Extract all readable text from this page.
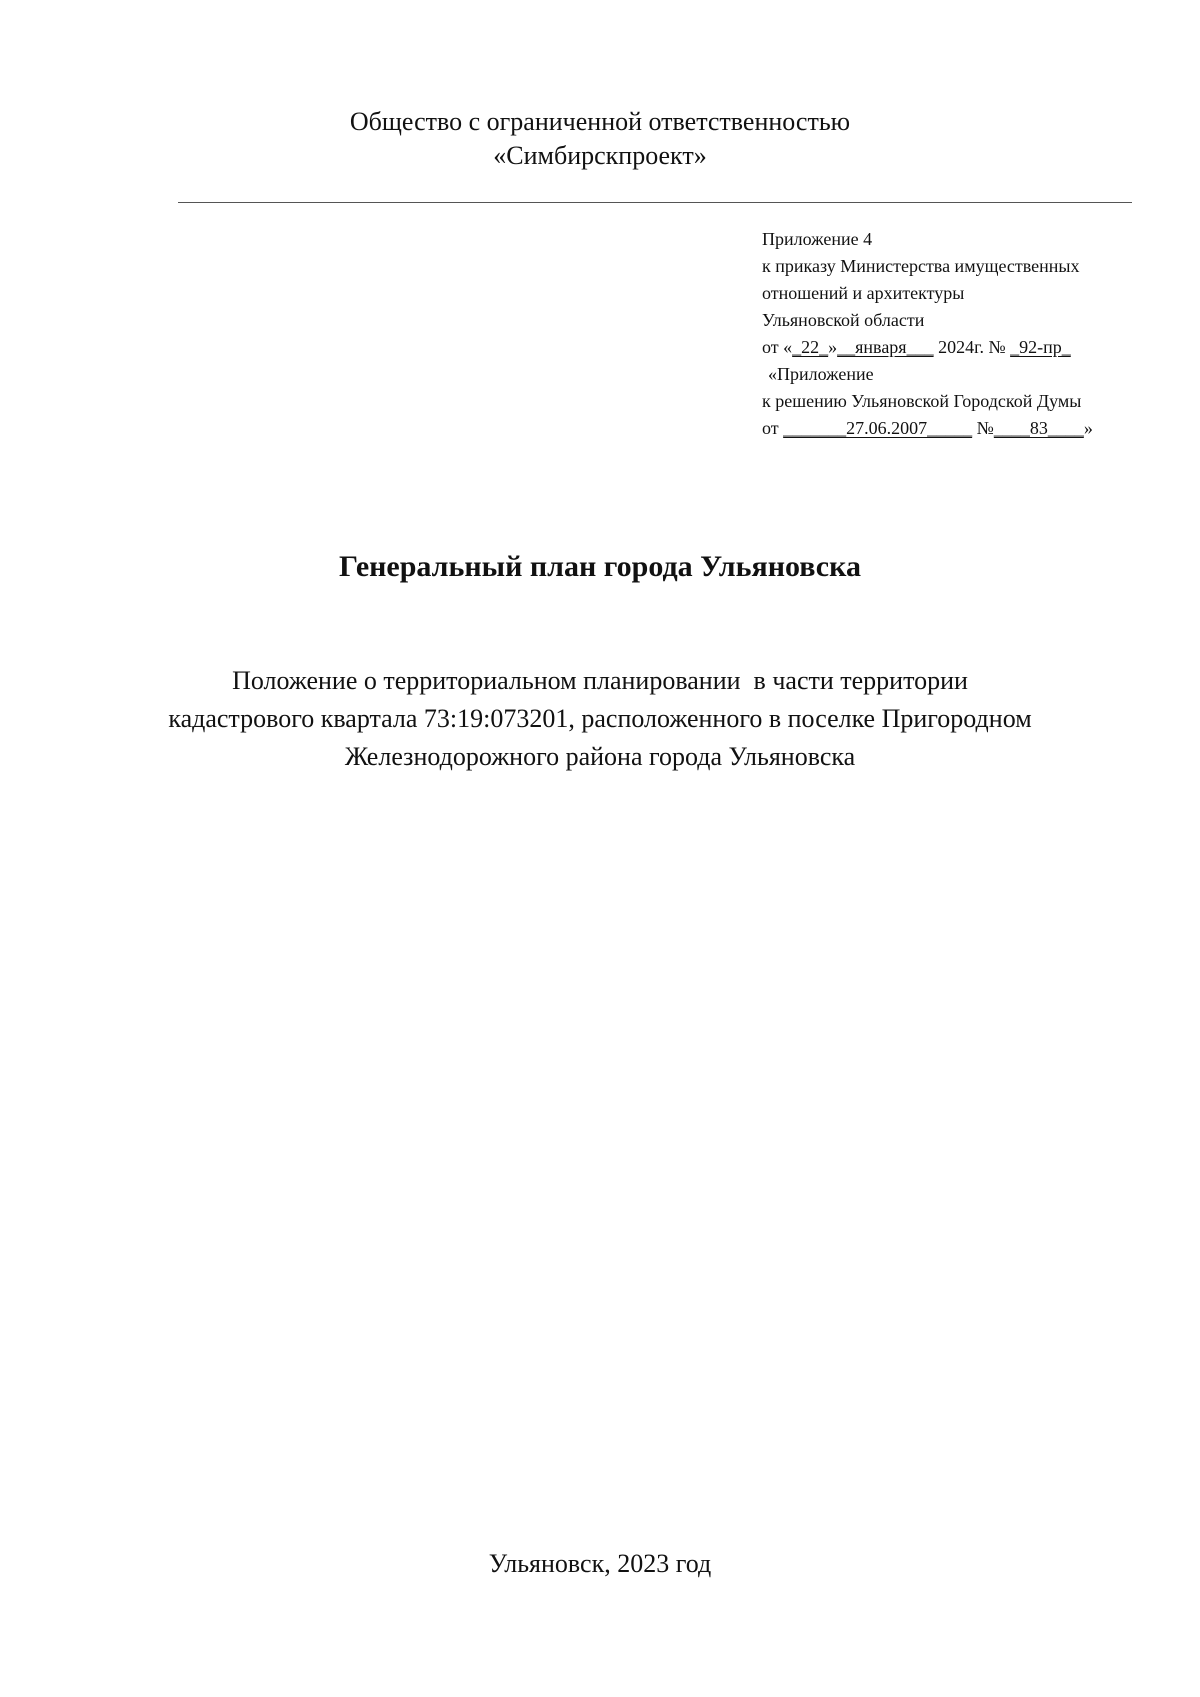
Общество с ограниченной ответственностью
«Симбирскпроект»
Приложение 4
к приказу Министерства имущественных
отношений и архитектуры
Ульяновской области
от «_22_»__января___ 2024г. № _92-пр_
«Приложение
к решению Ульяновской Городской Думы
от _______27.06.2007_____ №____83____»
Генеральный план города Ульяновска
Положение о территориальном планировании  в части территории
кадастрового квартала 73:19:073201, расположенного в поселке Пригородном
Железнодорожного района города Ульяновска
Ульяновск, 2023 год
